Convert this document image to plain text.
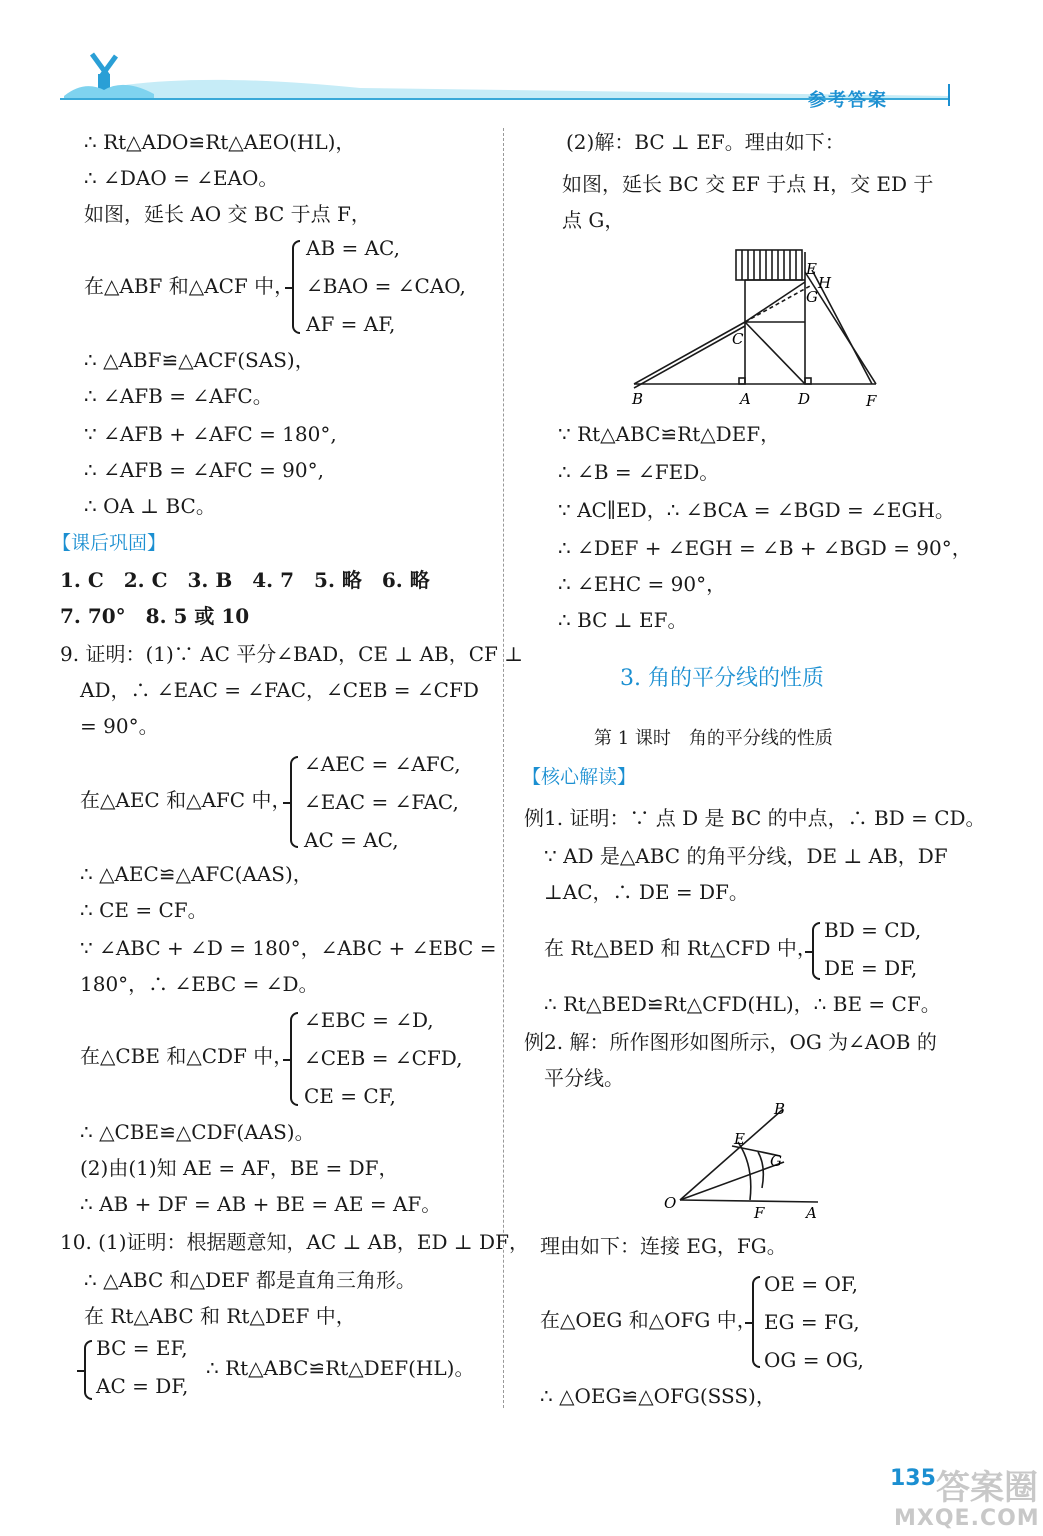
参考答案
∴ Rt△ADO≌Rt△AEO(HL)，
∴ ∠DAO = ∠EAO。
如图，延长 AO 交 BC 于点 F，
在△ABF 和△ACF 中，
AB = AC,
∠BAO = ∠CAO,
AF = AF,
∴ △ABF≌△ACF(SAS)，
∴ ∠AFB = ∠AFC。
∵ ∠AFB + ∠AFC = 180°,
∴ ∠AFB = ∠AFC = 90°,
∴ OA ⊥ BC。
【课后巩固】
1. C　2. C　3. B　4. 7　5. 略　6. 略
7. 70°　8. 5 或 10
9. 证明：(1)∵ AC 平分∠BAD，CE ⊥ AB，CF ⊥
AD，∴ ∠EAC = ∠FAC，∠CEB = ∠CFD
= 90°。
在△AEC 和△AFC 中，
∠AEC = ∠AFC,
∠EAC = ∠FAC,
AC = AC,
∴ △AEC≌△AFC(AAS)，
∴ CE = CF。
∵ ∠ABC + ∠D = 180°，∠ABC + ∠EBC =
180°，∴ ∠EBC = ∠D。
在△CBE 和△CDF 中，
∠EBC = ∠D,
∠CEB = ∠CFD,
CE = CF,
∴ △CBE≌△CDF(AAS)。
(2)由(1)知 AE = AF，BE = DF，
∴ AB + DF = AB + BE = AE = AF。
10. (1)证明：根据题意知，AC ⊥ AB，ED ⊥ DF，
∴ △ABC 和△DEF 都是直角三角形。
在 Rt△ABC 和 Rt△DEF 中，
BC = EF,
AC = DF,
∴ Rt△ABC≌Rt△DEF(HL)。
(2)解：BC ⊥ EF。理由如下：
如图，延长 BC 交 EF 于点 H，交 ED 于
点 G，
B	A	D	F
C
E
H
G
∵ Rt△ABC≌Rt△DEF，
∴ ∠B = ∠FED。
∵ AC∥ED，∴ ∠BCA = ∠BGD = ∠EGH。
∴ ∠DEF + ∠EGH = ∠B + ∠BGD = 90°，
∴ ∠EHC = 90°，
∴ BC ⊥ EF。
3. 角的平分线的性质
第 1 课时　角的平分线的性质
【核心解读】
例1. 证明：∵ 点 D 是 BC 的中点，∴ BD = CD。
∵ AD 是△ABC 的角平分线，DE ⊥ AB，DF
⊥AC，∴ DE = DF。
在 Rt△BED 和 Rt△CFD 中，
BD = CD,
DE = DF,
∴ Rt△BED≌Rt△CFD(HL)，∴ BE = CF。
例2. 解：所作图形如图所示，OG 为∠AOB 的
平分线。
O
A
B
E
F
G
理由如下：连接 EG，FG。
在△OEG 和△OFG 中，
OE = OF,
EG = FG,
OG = OG,
∴ △OEG≌△OFG(SSS)，
135 答案圈
MXQE.COM
